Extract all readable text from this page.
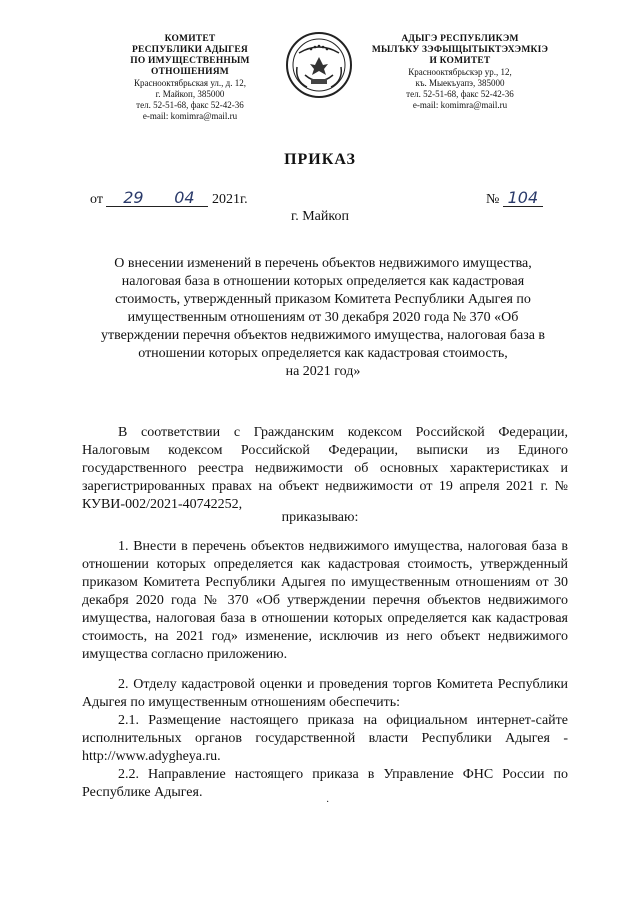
КОМИТЕТ
РЕСПУБЛИКИ АДЫГЕЯ
ПО ИМУЩЕСТВЕННЫМ ОТНОШЕНИЯМ
Краснооктябрьская ул., д. 12,
г. Майкоп, 385000
тел. 52-51-68, факс 52-42-36
e-mail: komimra@mail.ru
АДЫГЭ РЕСПУБЛИКЭМ
МЫЛЪКУ ЗЭФЫЩЫТЫКТЭХЭМКІЭ
И КОМИТЕТ
Краснооктябрьскэр ур., 12,
къ. Мыекъуапэ, 385000
тел. 52-51-68, факс 52-42-36
e-mail: komimra@mail.ru
ПРИКАЗ
от 29 04 2021г.	№ 104
г. Майкоп
О внесении изменений в перечень объектов недвижимого имущества,
налоговая база в отношении которых определяется как кадастровая
стоимость, утвержденный приказом Комитета Республики Адыгея по
имущественным отношениям от 30 декабря 2020 года № 370 «Об
утверждении перечня объектов недвижимого имущества, налоговая база в
отношении которых определяется как кадастровая стоимость,
на 2021 год»
В соответствии с Гражданским кодексом Российской Федерации, Налоговым кодексом Российской Федерации, выписки из Единого государственного реестра недвижимости об основных характеристиках и зарегистрированных правах на объект недвижимости от 19 апреля 2021 г. № КУВИ-002/2021-40742252,
приказываю:
1. Внести в перечень объектов недвижимого имущества, налоговая база в отношении которых определяется как кадастровая стоимость, утвержденный приказом Комитета Республики Адыгея по имущественным отношениям от 30 декабря 2020 года № 370 «Об утверждении перечня объектов недвижимого имущества, налоговая база в отношении которых определяется как кадастровая стоимость, на 2021 год» изменение, исключив из него объект недвижимого имущества согласно приложению.
2. Отделу кадастровой оценки и проведения торгов Комитета Республики Адыгея по имущественным отношениям обеспечить:
2.1. Размещение настоящего приказа на официальном интернет-сайте исполнительных органов государственной власти Республики Адыгея - http://www.adygheya.ru.
2.2. Направление настоящего приказа в Управление ФНС России по Республике Адыгея.
·
